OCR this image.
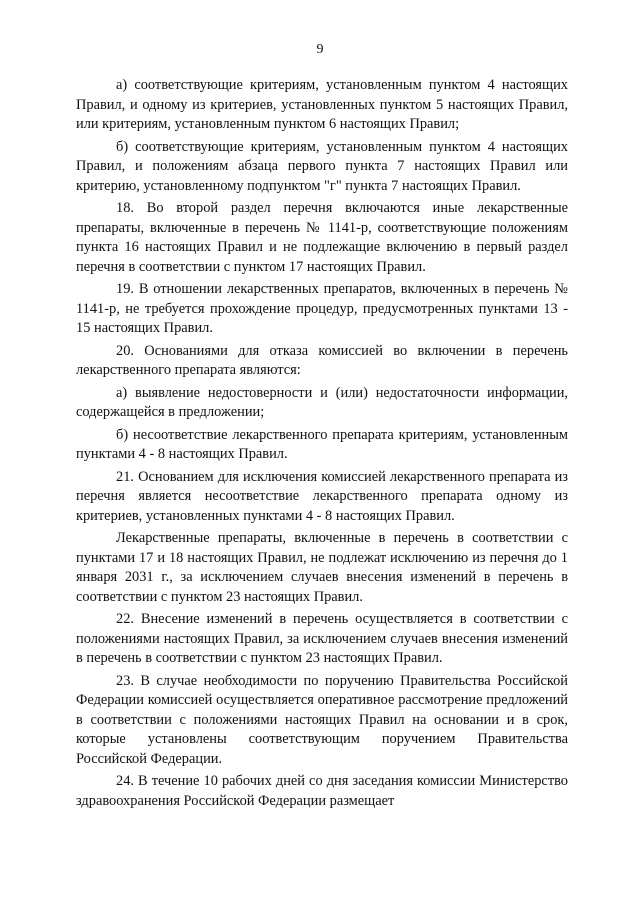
9

а) соответствующие критериям, установленным пунктом 4 настоящих Правил, и одному из критериев, установленных пунктом 5 настоящих Правил, или критериям, установленным пунктом 6 настоящих Правил;

б) соответствующие критериям, установленным пунктом 4 настоящих Правил, и положениям абзаца первого пункта 7 настоящих Правил или критерию, установленному подпунктом "г" пункта 7 настоящих Правил.

18. Во второй раздел перечня включаются иные лекарственные препараты, включенные в перечень № 1141-р, соответствующие положениям пункта 16 настоящих Правил и не подлежащие включению в первый раздел перечня в соответствии с пунктом 17 настоящих Правил.

19. В отношении лекарственных препаратов, включенных в перечень № 1141-р, не требуется прохождение процедур, предусмотренных пунктами 13 - 15 настоящих Правил.

20. Основаниями для отказа комиссией во включении в перечень лекарственного препарата являются:

а) выявление недостоверности и (или) недостаточности информации, содержащейся в предложении;

б) несоответствие лекарственного препарата критериям, установленным пунктами 4 - 8 настоящих Правил.

21. Основанием для исключения комиссией лекарственного препарата из перечня является несоответствие лекарственного препарата одному из критериев, установленных пунктами 4 - 8 настоящих Правил.

Лекарственные препараты, включенные в перечень в соответствии с пунктами 17 и 18 настоящих Правил, не подлежат исключению из перечня до 1 января 2031 г., за исключением случаев внесения изменений в перечень в соответствии с пунктом 23 настоящих Правил.

22. Внесение изменений в перечень осуществляется в соответствии с положениями настоящих Правил, за исключением случаев внесения изменений в перечень в соответствии с пунктом 23 настоящих Правил.

23. В случае необходимости по поручению Правительства Российской Федерации комиссией осуществляется оперативное рассмотрение предложений в соответствии с положениями настоящих Правил на основании и в срок, которые установлены соответствующим поручением Правительства Российской Федерации.

24. В течение 10 рабочих дней со дня заседания комиссии Министерство здравоохранения Российской Федерации размещает
